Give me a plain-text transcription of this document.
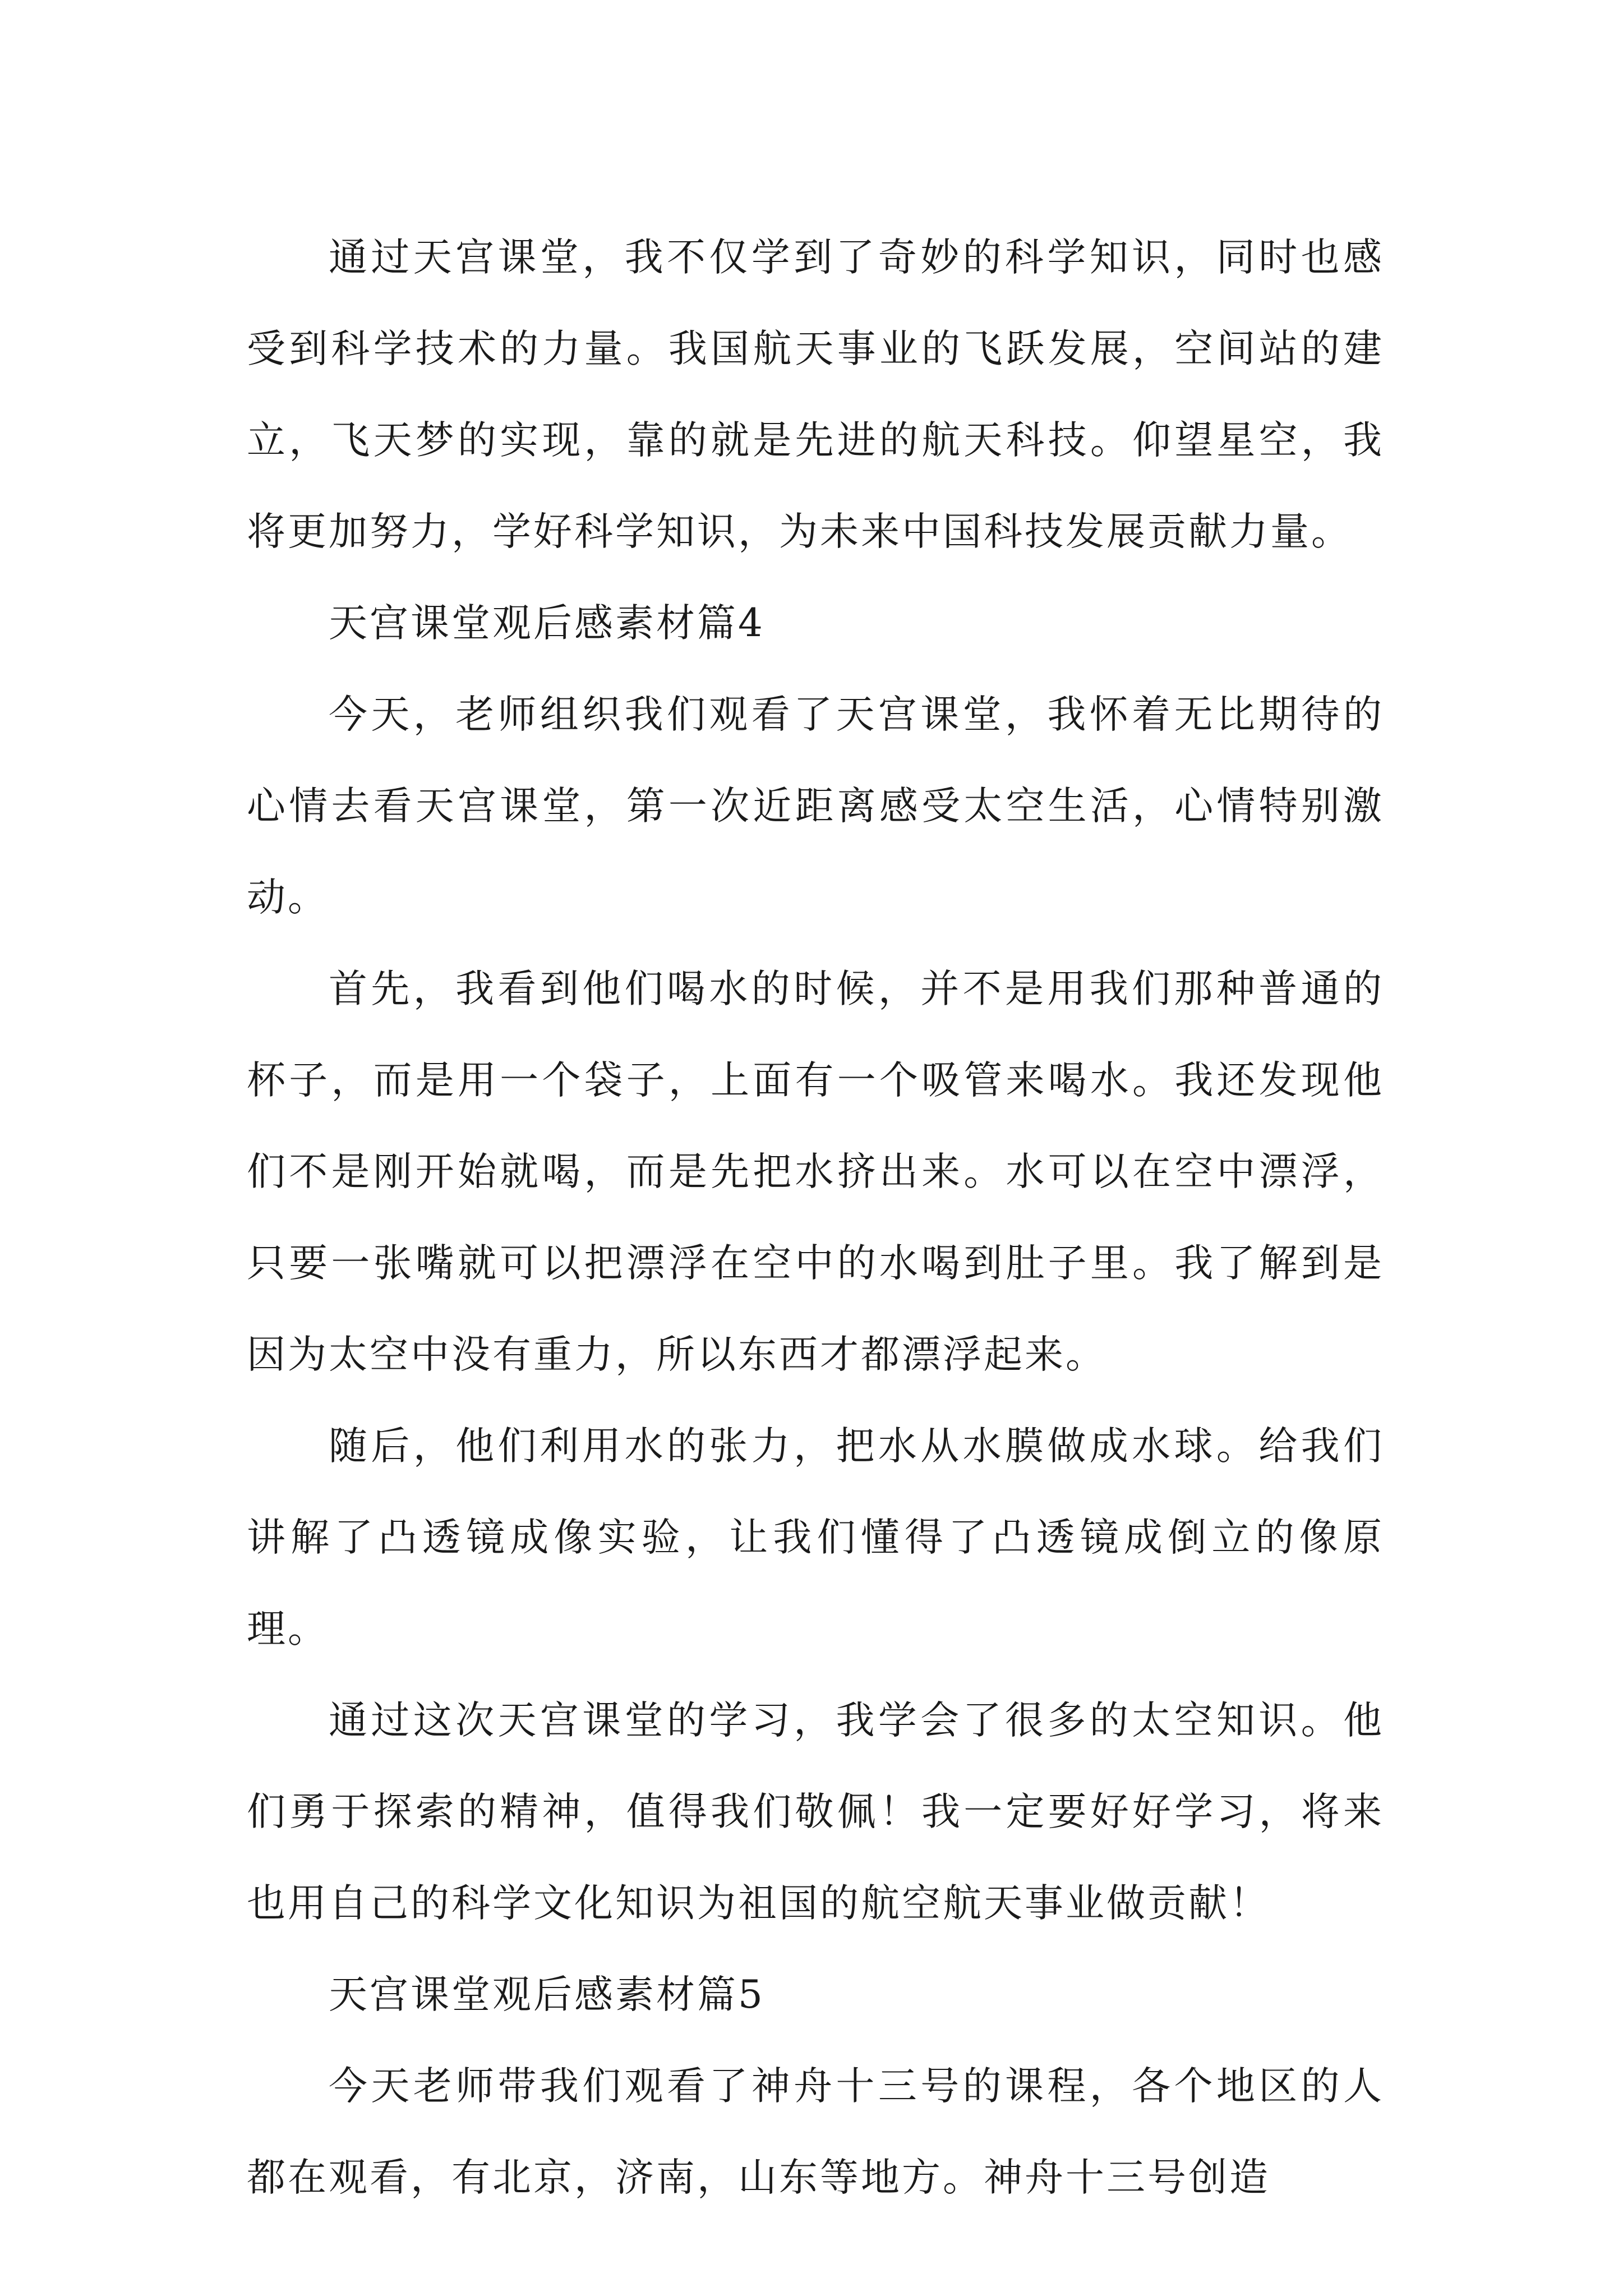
通过天宫课堂，我不仅学到了奇妙的科学知识，同时也感受到科学技术的力量。我国航天事业的飞跃发展，空间站的建立，飞天梦的实现，靠的就是先进的航天科技。仰望星空，我将更加努力，学好科学知识，为未来中国科技发展贡献力量。

天宫课堂观后感素材篇4

今天，老师组织我们观看了天宫课堂，我怀着无比期待的心情去看天宫课堂，第一次近距离感受太空生活，心情特别激动。

首先，我看到他们喝水的时候，并不是用我们那种普通的杯子，而是用一个袋子，上面有一个吸管来喝水。我还发现他们不是刚开始就喝，而是先把水挤出来。水可以在空中漂浮，只要一张嘴就可以把漂浮在空中的水喝到肚子里。我了解到是因为太空中没有重力，所以东西才都漂浮起来。

随后，他们利用水的张力，把水从水膜做成水球。给我们讲解了凸透镜成像实验，让我们懂得了凸透镜成倒立的像原理。

通过这次天宫课堂的学习，我学会了很多的太空知识。他们勇于探索的精神，值得我们敬佩！我一定要好好学习，将来也用自己的科学文化知识为祖国的航空航天事业做贡献！

天宫课堂观后感素材篇5

今天老师带我们观看了神舟十三号的课程，各个地区的人都在观看，有北京，济南，山东等地方。神舟十三号创造
